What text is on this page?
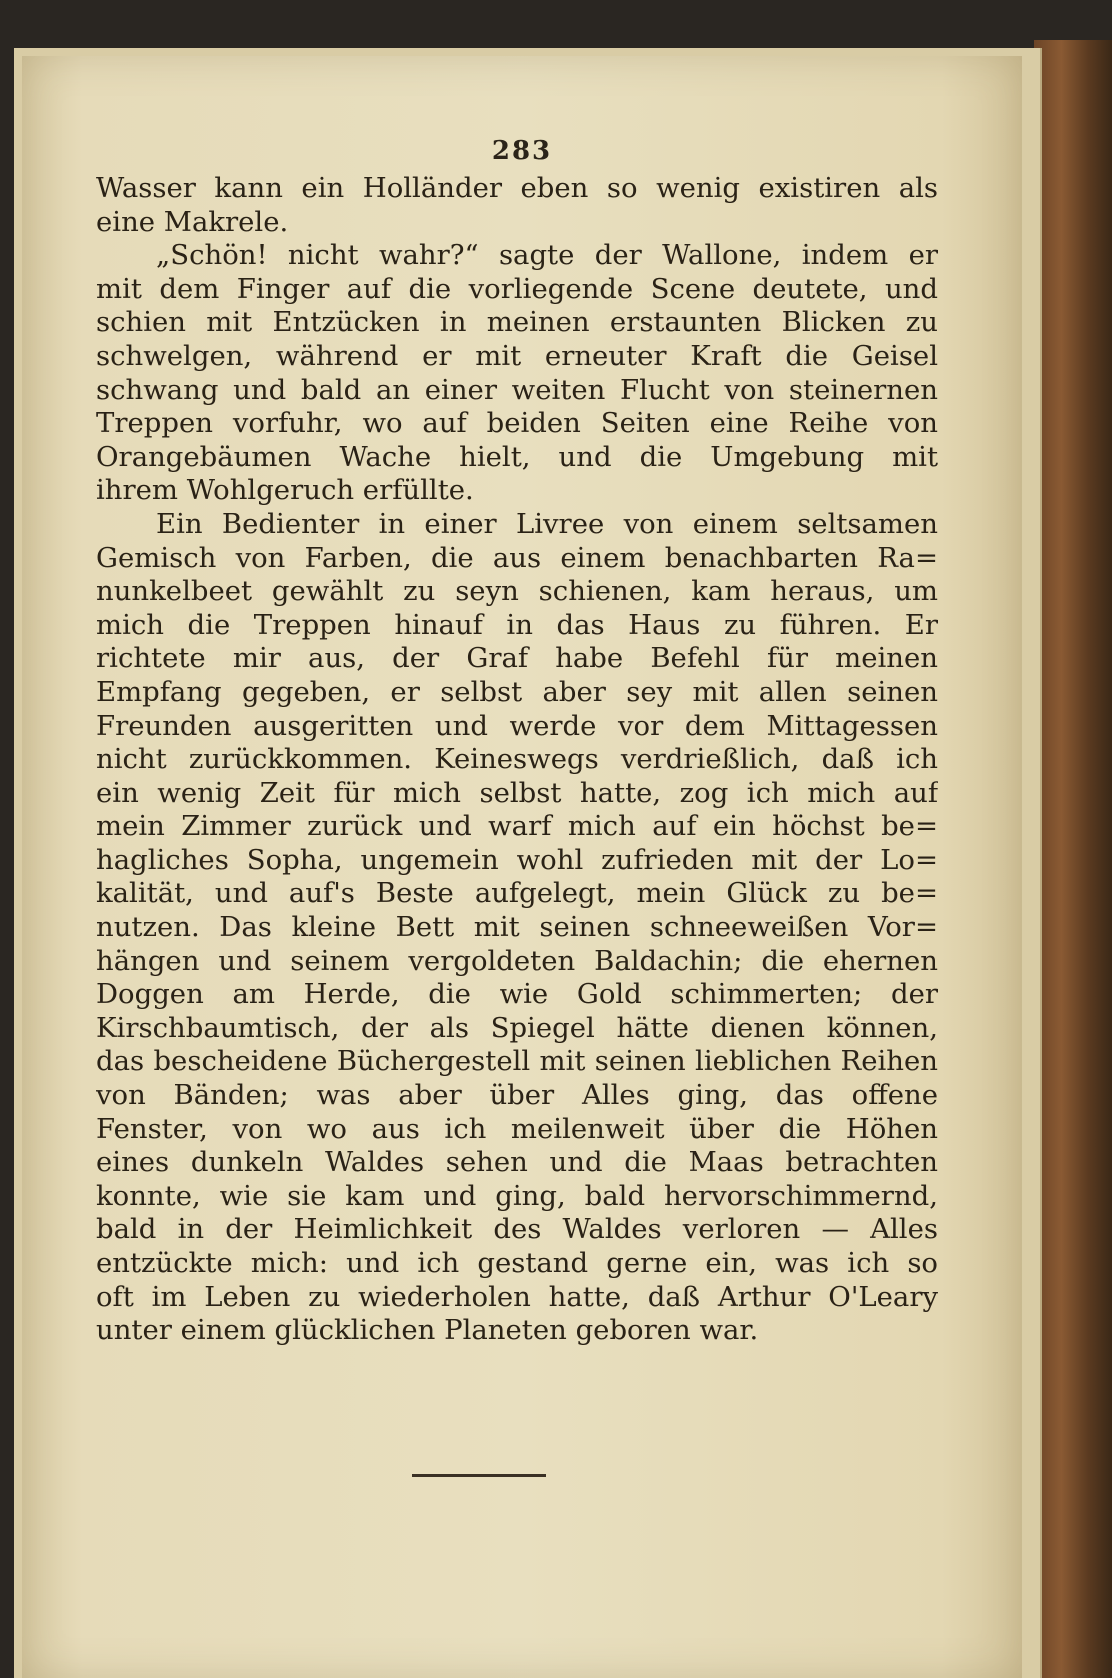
283
Wasser kann ein Holländer eben so wenig existiren als
eine Makrele.
„Schön! nicht wahr?“ sagte der Wallone, indem er
mit dem Finger auf die vorliegende Scene deutete, und
schien mit Entzücken in meinen erstaunten Blicken zu
schwelgen, während er mit erneuter Kraft die Geisel
schwang und bald an einer weiten Flucht von steinernen
Treppen vorfuhr, wo auf beiden Seiten eine Reihe von
Orangebäumen Wache hielt, und die Umgebung mit
ihrem Wohlgeruch erfüllte.
Ein Bedienter in einer Livree von einem seltsamen
Gemisch von Farben, die aus einem benachbarten Ra=
nunkelbeet gewählt zu seyn schienen, kam heraus, um
mich die Treppen hinauf in das Haus zu führen. Er
richtete mir aus, der Graf habe Befehl für meinen
Empfang gegeben, er selbst aber sey mit allen seinen
Freunden ausgeritten und werde vor dem Mittagessen
nicht zurückkommen. Keineswegs verdrießlich, daß ich
ein wenig Zeit für mich selbst hatte, zog ich mich auf
mein Zimmer zurück und warf mich auf ein höchst be=
hagliches Sopha, ungemein wohl zufrieden mit der Lo=
kalität, und auf's Beste aufgelegt, mein Glück zu be=
nutzen. Das kleine Bett mit seinen schneeweißen Vor=
hängen und seinem vergoldeten Baldachin; die ehernen
Doggen am Herde, die wie Gold schimmerten; der
Kirschbaumtisch, der als Spiegel hätte dienen können,
das bescheidene Büchergestell mit seinen lieblichen Reihen
von Bänden; was aber über Alles ging, das offene
Fenster, von wo aus ich meilenweit über die Höhen
eines dunkeln Waldes sehen und die Maas betrachten
konnte, wie sie kam und ging, bald hervorschimmernd,
bald in der Heimlichkeit des Waldes verloren — Alles
entzückte mich: und ich gestand gerne ein, was ich so
oft im Leben zu wiederholen hatte, daß Arthur O'Leary
unter einem glücklichen Planeten geboren war.
